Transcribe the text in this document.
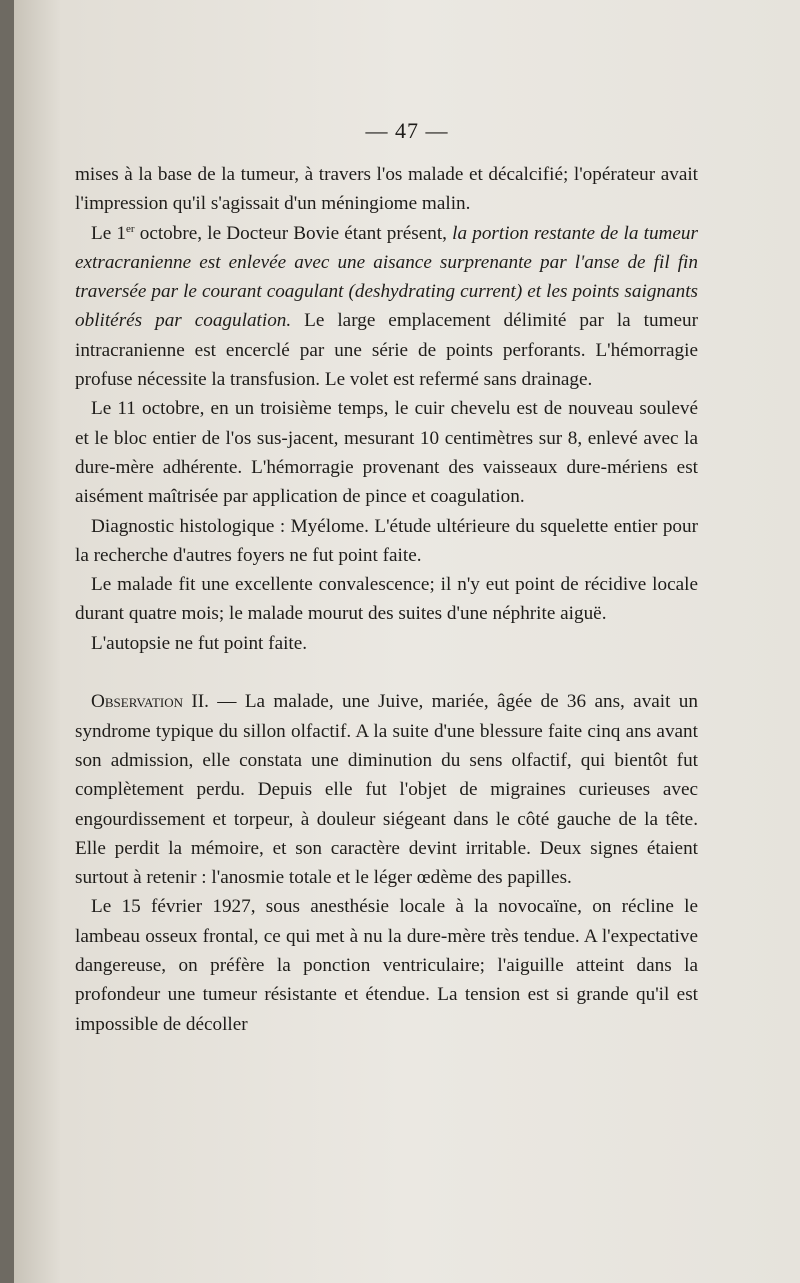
— 47 —

mises à la base de la tumeur, à travers l'os malade et décalcifié; l'opérateur avait l'impression qu'il s'agissait d'un méningiome malin.

Le 1er octobre, le Docteur Bovie étant présent, la portion restante de la tumeur extracranienne est enlevée avec une aisance surprenante par l'anse de fil fin traversée par le courant coagulant (deshydrating current) et les points saignants oblitérés par coagulation. Le large emplacement délimité par la tumeur intracranienne est encerclé par une série de points perforants. L'hémorragie profuse nécessite la transfusion. Le volet est refermé sans drainage.

Le 11 octobre, en un troisième temps, le cuir chevelu est de nouveau soulevé et le bloc entier de l'os sus-jacent, mesurant 10 centimètres sur 8, enlevé avec la dure-mère adhérente. L'hémorragie provenant des vaisseaux dure-mériens est aisément maîtrisée par application de pince et coagulation.

Diagnostic histologique : Myélome. L'étude ultérieure du squelette entier pour la recherche d'autres foyers ne fut point faite.

Le malade fit une excellente convalescence; il n'y eut point de récidive locale durant quatre mois; le malade mourut des suites d'une néphrite aiguë.

L'autopsie ne fut point faite.

Observation II. — La malade, une Juive, mariée, âgée de 36 ans, avait un syndrome typique du sillon olfactif. A la suite d'une blessure faite cinq ans avant son admission, elle constata une diminution du sens olfactif, qui bientôt fut complètement perdu. Depuis elle fut l'objet de migraines curieuses avec engourdissement et torpeur, à douleur siégeant dans le côté gauche de la tête. Elle perdit la mémoire, et son caractère devint irritable. Deux signes étaient surtout à retenir : l'anosmie totale et le léger œdème des papilles.

Le 15 février 1927, sous anesthésie locale à la novocaïne, on récline le lambeau osseux frontal, ce qui met à nu la dure-mère très tendue. A l'expectative dangereuse, on préfère la ponction ventriculaire; l'aiguille atteint dans la profondeur une tumeur résistante et étendue. La tension est si grande qu'il est impossible de décoller
